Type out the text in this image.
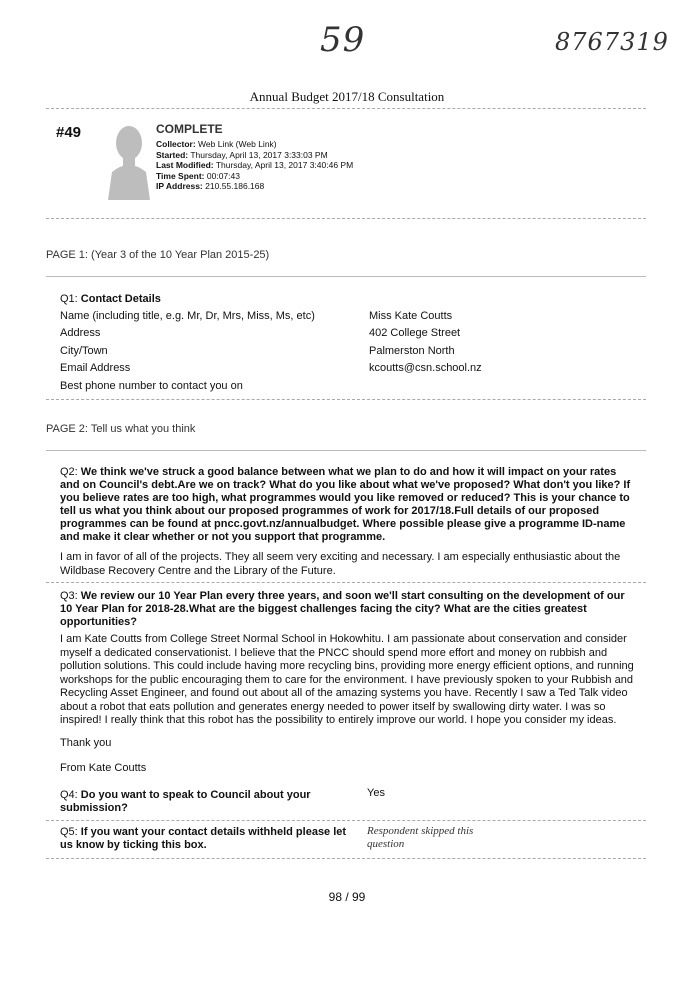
59	8767319
Annual Budget 2017/18 Consultation
#49	COMPLETE
Collector: Web Link (Web Link)
Started: Thursday, April 13, 2017 3:33:03 PM
Last Modified: Thursday, April 13, 2017 3:40:46 PM
Time Spent: 00:07:43
IP Address: 210.55.186.168
PAGE 1: (Year 3 of the 10 Year Plan 2015-25)
Q1: Contact Details
Name (including title, e.g. Mr, Dr, Mrs, Miss, Ms, etc)	Miss Kate Coutts
Address	402 College Street
City/Town	Palmerston North
Email Address	kcoutts@csn.school.nz
Best phone number to contact you on
PAGE 2: Tell us what you think
Q2: We think we've struck a good balance between what we plan to do and how it will impact on your rates and on Council's debt.Are we on track? What do you like about what we've proposed? What don't you like? If you believe rates are too high, what programmes would you like removed or reduced? This is your chance to tell us what you think about our proposed programmes of work for 2017/18.Full details of our proposed programmes can be found at pncc.govt.nz/annualbudget. Where possible please give a programme ID-name and make it clear whether or not you support that programme.
I am in favor of all of the projects. They all seem very exciting and necessary. I am especially enthusiastic about the Wildbase Recovery Centre and the Library of the Future.
Q3: We review our 10 Year Plan every three years, and soon we'll start consulting on the development of our 10 Year Plan for 2018-28.What are the biggest challenges facing the city? What are the cities greatest opportunities?
I am Kate Coutts from College Street Normal School in Hokowhitu. I am passionate about conservation and consider myself a dedicated conservationist. I believe that the PNCC should spend more effort and money on rubbish and pollution solutions. This could include having more recycling bins, providing more energy efficient options, and running workshops for the public encouraging them to care for the environment. I have previously spoken to your Rubbish and Recycling Asset Engineer, and found out about all of the amazing systems you have. Recently I saw a Ted Talk video about a robot that eats pollution and generates energy needed to power itself by swallowing dirty water. I was so inspired! I really think that this robot has the possibility to entirely improve our world. I hope you consider my ideas.
Thank you
From Kate Coutts
Q4: Do you want to speak to Council about your submission?
Yes
Q5: If you want your contact details withheld please let us know by ticking this box.
Respondent skipped this question
98 / 99
